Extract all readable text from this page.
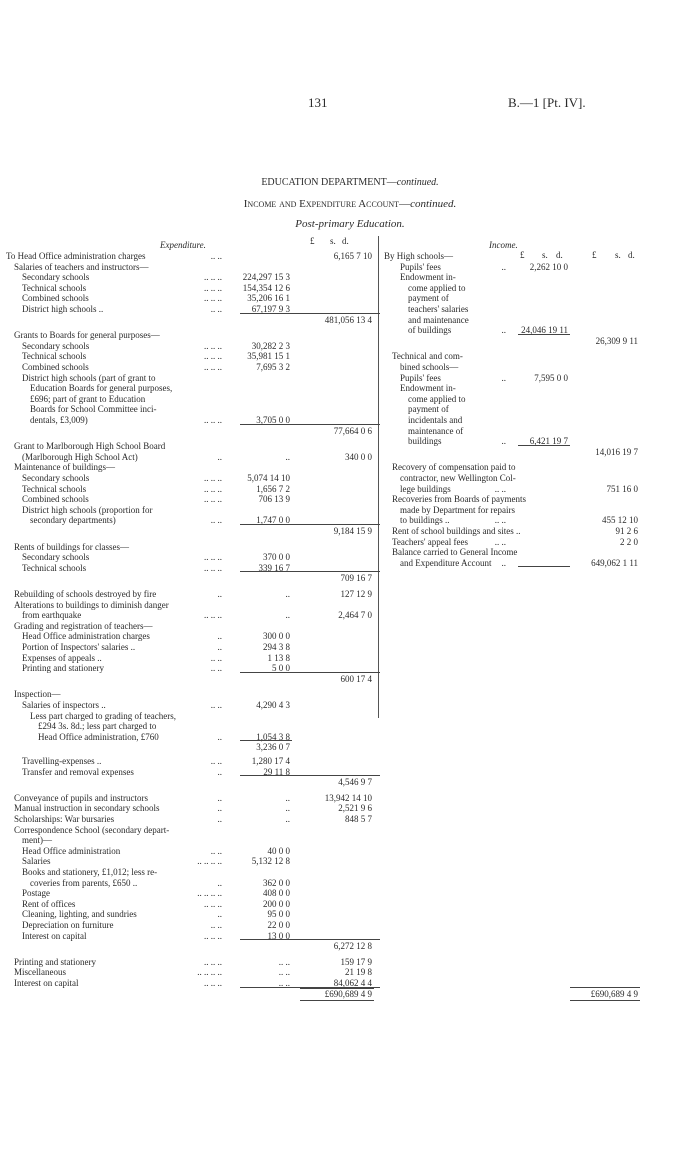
131	B.—1 [Pt. IV].
EDUCATION DEPARTMENT—continued.
Income and Expenditure Account—continued.
Post-primary Education.
Expenditure.	£ s. d.	Income.
£ s. d.	£ s. d.
To Head Office administration charges	.. ..	6,165 7 10
Salaries of teachers and instructors—
Secondary schools	.. .. ..	224,297 15 3
Technical schools	.. .. ..	154,354 12 6
Combined schools	.. .. ..	35,206 16 1
District high schools ..	.. ..	67,197 9 3
481,056 13 4
Grants to Boards for general purposes—
Secondary schools	.. .. ..	30,282 2 3
Technical schools	.. .. ..	35,981 15 1
Combined schools	.. .. ..	7,695 3 2
District high schools (part of grant to
Education Boards for general purposes,
£696; part of grant to Education
Boards for School Committee inci-
dentals, £3,009)	.. .. ..	3,705 0 0
77,664 0 6
Grant to Marlborough High School Board
(Marlborough High School Act)	..	..	340 0 0
Maintenance of buildings—
Secondary schools	.. .. ..	5,074 14 10
Technical schools	.. .. ..	1,656 7 2
Combined schools	.. .. ..	706 13 9
District high schools (proportion for
secondary departments)	.. ..	1,747 0 0
9,184 15 9
Rents of buildings for classes—
Secondary schools	.. .. ..	370 0 0
Technical schools	.. .. ..	339 16 7
709 16 7
Rebuilding of schools destroyed by fire	..	..	127 12 9
Alterations to buildings to diminish danger
from earthquake	.. .. ..	..	2,464 7 0
Grading and registration of teachers—
Head Office administration charges	..	300 0 0
Portion of Inspectors' salaries ..	..	294 3 8
Expenses of appeals ..	.. ..	1 13 8
Printing and stationery	.. ..	5 0 0
600 17 4
Inspection—
Salaries of inspectors ..	.. ..	4,290 4 3
Less part charged to grading of teachers,
£294 3s. 8d.; less part charged to
Head Office administration, £760	..	1,054 3 8
3,236 0 7
Travelling-expenses ..	.. ..	1,280 17 4
Transfer and removal expenses	..	29 11 8
4,546 9 7
Conveyance of pupils and instructors	..	..	13,942 14 10
Manual instruction in secondary schools	..	..	2,521 9 6
Scholarships: War bursaries	..	..	848 5 7
Correspondence School (secondary depart-
ment)—
Head Office administration	.. ..	40 0 0
Salaries	.. .. .. ..	5,132 12 8
Books and stationery, £1,012; less re-
coveries from parents, £650 ..	..	362 0 0
Postage	.. .. .. ..	408 0 0
Rent of offices	.. .. ..	200 0 0
Cleaning, lighting, and sundries	..	95 0 0
Depreciation on furniture	.. ..	22 0 0
Interest on capital	.. .. ..	13 0 0
6,272 12 8
Printing and stationery	.. .. ..	.. ..	159 17 9
Miscellaneous	.. .. .. ..	.. ..	21 19 8
Interest on capital	.. .. ..	.. ..	84,062 4 4
£690,689 4 9
By High schools—
Pupils' fees	..	2,262 10 0
Endowment in-
come applied to
payment of
teachers' salaries
and maintenance
of buildings	..	24,046 19 11
26,309 9 11
Technical and com-
bined schools—
Pupils' fees	..	7,595 0 0
Endowment in-
come applied to
payment of
incidentals and
maintenance of
buildings	..	6,421 19 7
14,016 19 7
Recovery of compensation paid to
contractor, new Wellington Col-
lege buildings	.. ..	751 16 0
Recoveries from Boards of payments
made by Department for repairs
to buildings ..	.. ..	455 12 10
Rent of school buildings and sites ..	91 2 6
Teachers' appeal fees	.. ..	2 2 0
Balance carried to General Income
and Expenditure Account	..	649,062 1 11
£690,689 4 9
